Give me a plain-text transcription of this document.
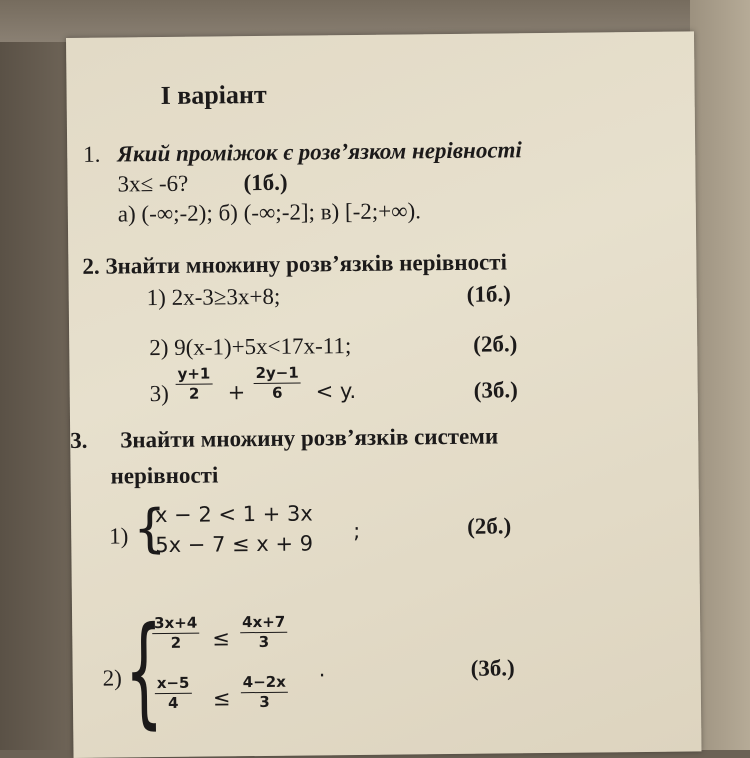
I варіант
1. Який проміжок є розв’язком нерівності
3x≤ -6? (1б.)
а) (-∞;-2); б) (-∞;-2]; в) [-2;+∞).
2. Знайти множину розв’язків нерівності
1) 2x-3≥3x+8;	(1б.)
2) 9(x-1)+5x<17x-11;	(2б.)
$3) \frac{y+1}{2} + \frac{2y-1}{6} < y$.	(3б.)
3. Знайти множину розв’язків системи
нерівності
1) {
x − 2 < 1 + 3x
5x − 7 ≤ x + 9
;	(2б.)
2) {
$\frac{3x+4}{2} \le \frac{4x+7}{3}$
$\frac{x-5}{4} \le \frac{4-2x}{3}$
.	(3б.)
